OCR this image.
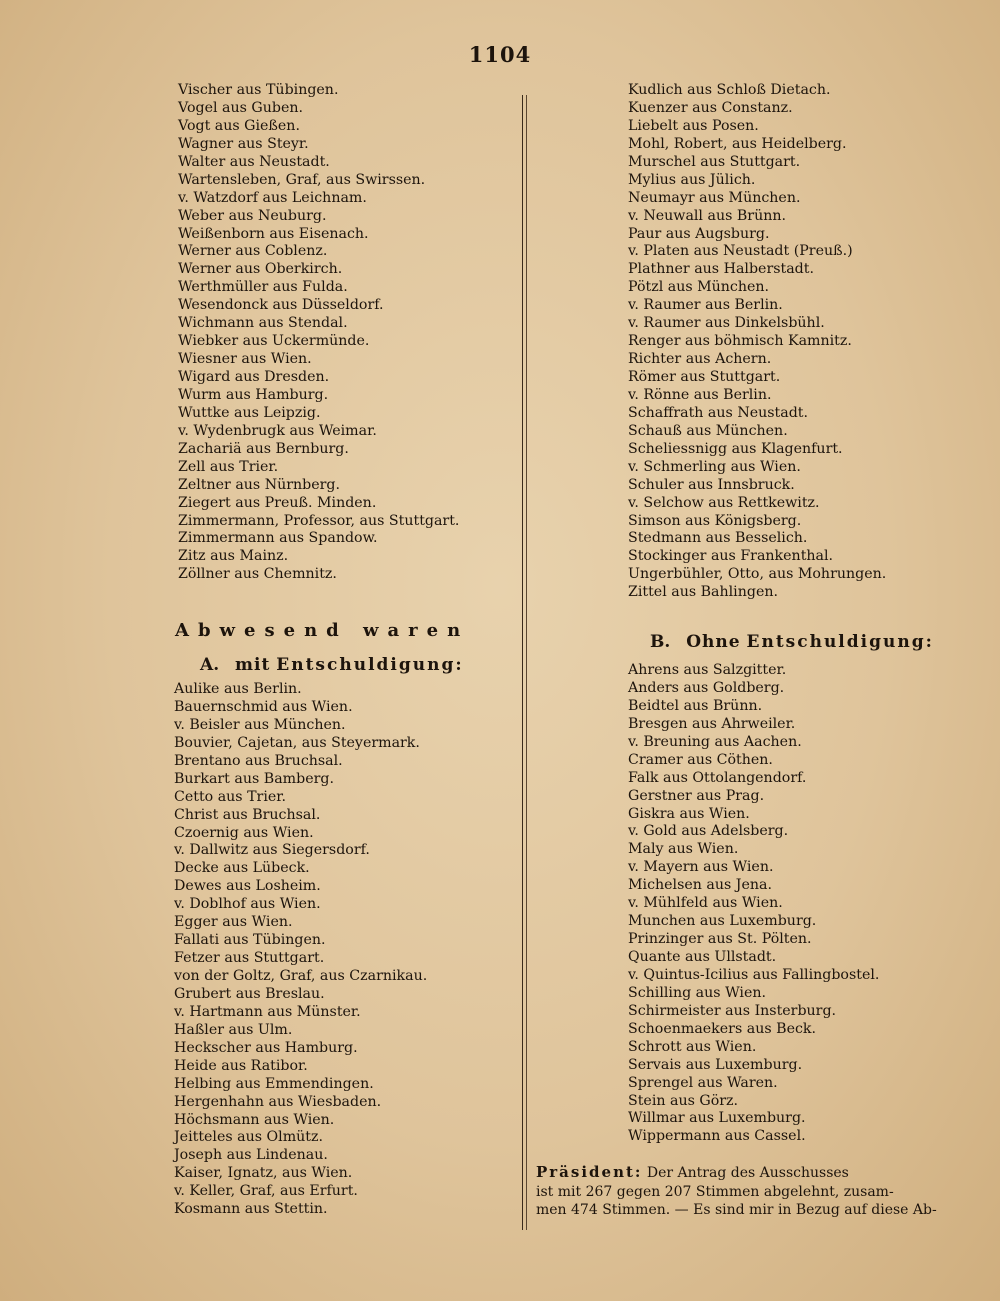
1104
Vischer aus Tübingen.
Vogel aus Guben.
Vogt aus Gießen.
Wagner aus Steyr.
Walter aus Neustadt.
Wartensleben, Graf, aus Swirssen.
v. Watzdorf aus Leichnam.
Weber aus Neuburg.
Weißenborn aus Eisenach.
Werner aus Coblenz.
Werner aus Oberkirch.
Werthmüller aus Fulda.
Wesendonck aus Düsseldorf.
Wichmann aus Stendal.
Wiebker aus Uckermünde.
Wiesner aus Wien.
Wigard aus Dresden.
Wurm aus Hamburg.
Wuttke aus Leipzig.
v. Wydenbrugk aus Weimar.
Zachariä aus Bernburg.
Zell aus Trier.
Zeltner aus Nürnberg.
Ziegert aus Preuß. Minden.
Zimmermann, Professor, aus Stuttgart.
Zimmermann aus Spandow.
Zitz aus Mainz.
Zöllner aus Chemnitz.
Abwesend waren
A. mit Entschuldigung:
Aulike aus Berlin.
Bauernschmid aus Wien.
v. Beisler aus München.
Bouvier, Cajetan, aus Steyermark.
Brentano aus Bruchsal.
Burkart aus Bamberg.
Cetto aus Trier.
Christ aus Bruchsal.
Czoernig aus Wien.
v. Dallwitz aus Siegersdorf.
Decke aus Lübeck.
Dewes aus Losheim.
v. Doblhof aus Wien.
Egger aus Wien.
Fallati aus Tübingen.
Fetzer aus Stuttgart.
von der Goltz, Graf, aus Czarnikau.
Grubert aus Breslau.
v. Hartmann aus Münster.
Haßler aus Ulm.
Heckscher aus Hamburg.
Heide aus Ratibor.
Helbing aus Emmendingen.
Hergenhahn aus Wiesbaden.
Höchsmann aus Wien.
Jeitteles aus Olmütz.
Joseph aus Lindenau.
Kaiser, Ignatz, aus Wien.
v. Keller, Graf, aus Erfurt.
Kosmann aus Stettin.
Kudlich aus Schloß Dietach.
Kuenzer aus Constanz.
Liebelt aus Posen.
Mohl, Robert, aus Heidelberg.
Murschel aus Stuttgart.
Mylius aus Jülich.
Neumayr aus München.
v. Neuwall aus Brünn.
Paur aus Augsburg.
v. Platen aus Neustadt (Preuß.)
Plathner aus Halberstadt.
Pötzl aus München.
v. Raumer aus Berlin.
v. Raumer aus Dinkelsbühl.
Renger aus böhmisch Kamnitz.
Richter aus Achern.
Römer aus Stuttgart.
v. Rönne aus Berlin.
Schaffrath aus Neustadt.
Schauß aus München.
Scheliessnigg aus Klagenfurt.
v. Schmerling aus Wien.
Schuler aus Innsbruck.
v. Selchow aus Rettkewitz.
Simson aus Königsberg.
Stedmann aus Besselich.
Stockinger aus Frankenthal.
Ungerbühler, Otto, aus Mohrungen.
Zittel aus Bahlingen.
B. Ohne Entschuldigung:
Ahrens aus Salzgitter.
Anders aus Goldberg.
Beidtel aus Brünn.
Bresgen aus Ahrweiler.
v. Breuning aus Aachen.
Cramer aus Cöthen.
Falk aus Ottolangendorf.
Gerstner aus Prag.
Giskra aus Wien.
v. Gold aus Adelsberg.
Maly aus Wien.
v. Mayern aus Wien.
Michelsen aus Jena.
v. Mühlfeld aus Wien.
Munchen aus Luxemburg.
Prinzinger aus St. Pölten.
Quante aus Ullstadt.
v. Quintus-Icilius aus Fallingbostel.
Schilling aus Wien.
Schirmeister aus Insterburg.
Schoenmaekers aus Beck.
Schrott aus Wien.
Servais aus Luxemburg.
Sprengel aus Waren.
Stein aus Görz.
Willmar aus Luxemburg.
Wippermann aus Cassel.
Präsident: Der Antrag des Ausschusses
ist mit 267 gegen 207 Stimmen abgelehnt, zusam-
men 474 Stimmen. — Es sind mir in Bezug auf diese Ab-
